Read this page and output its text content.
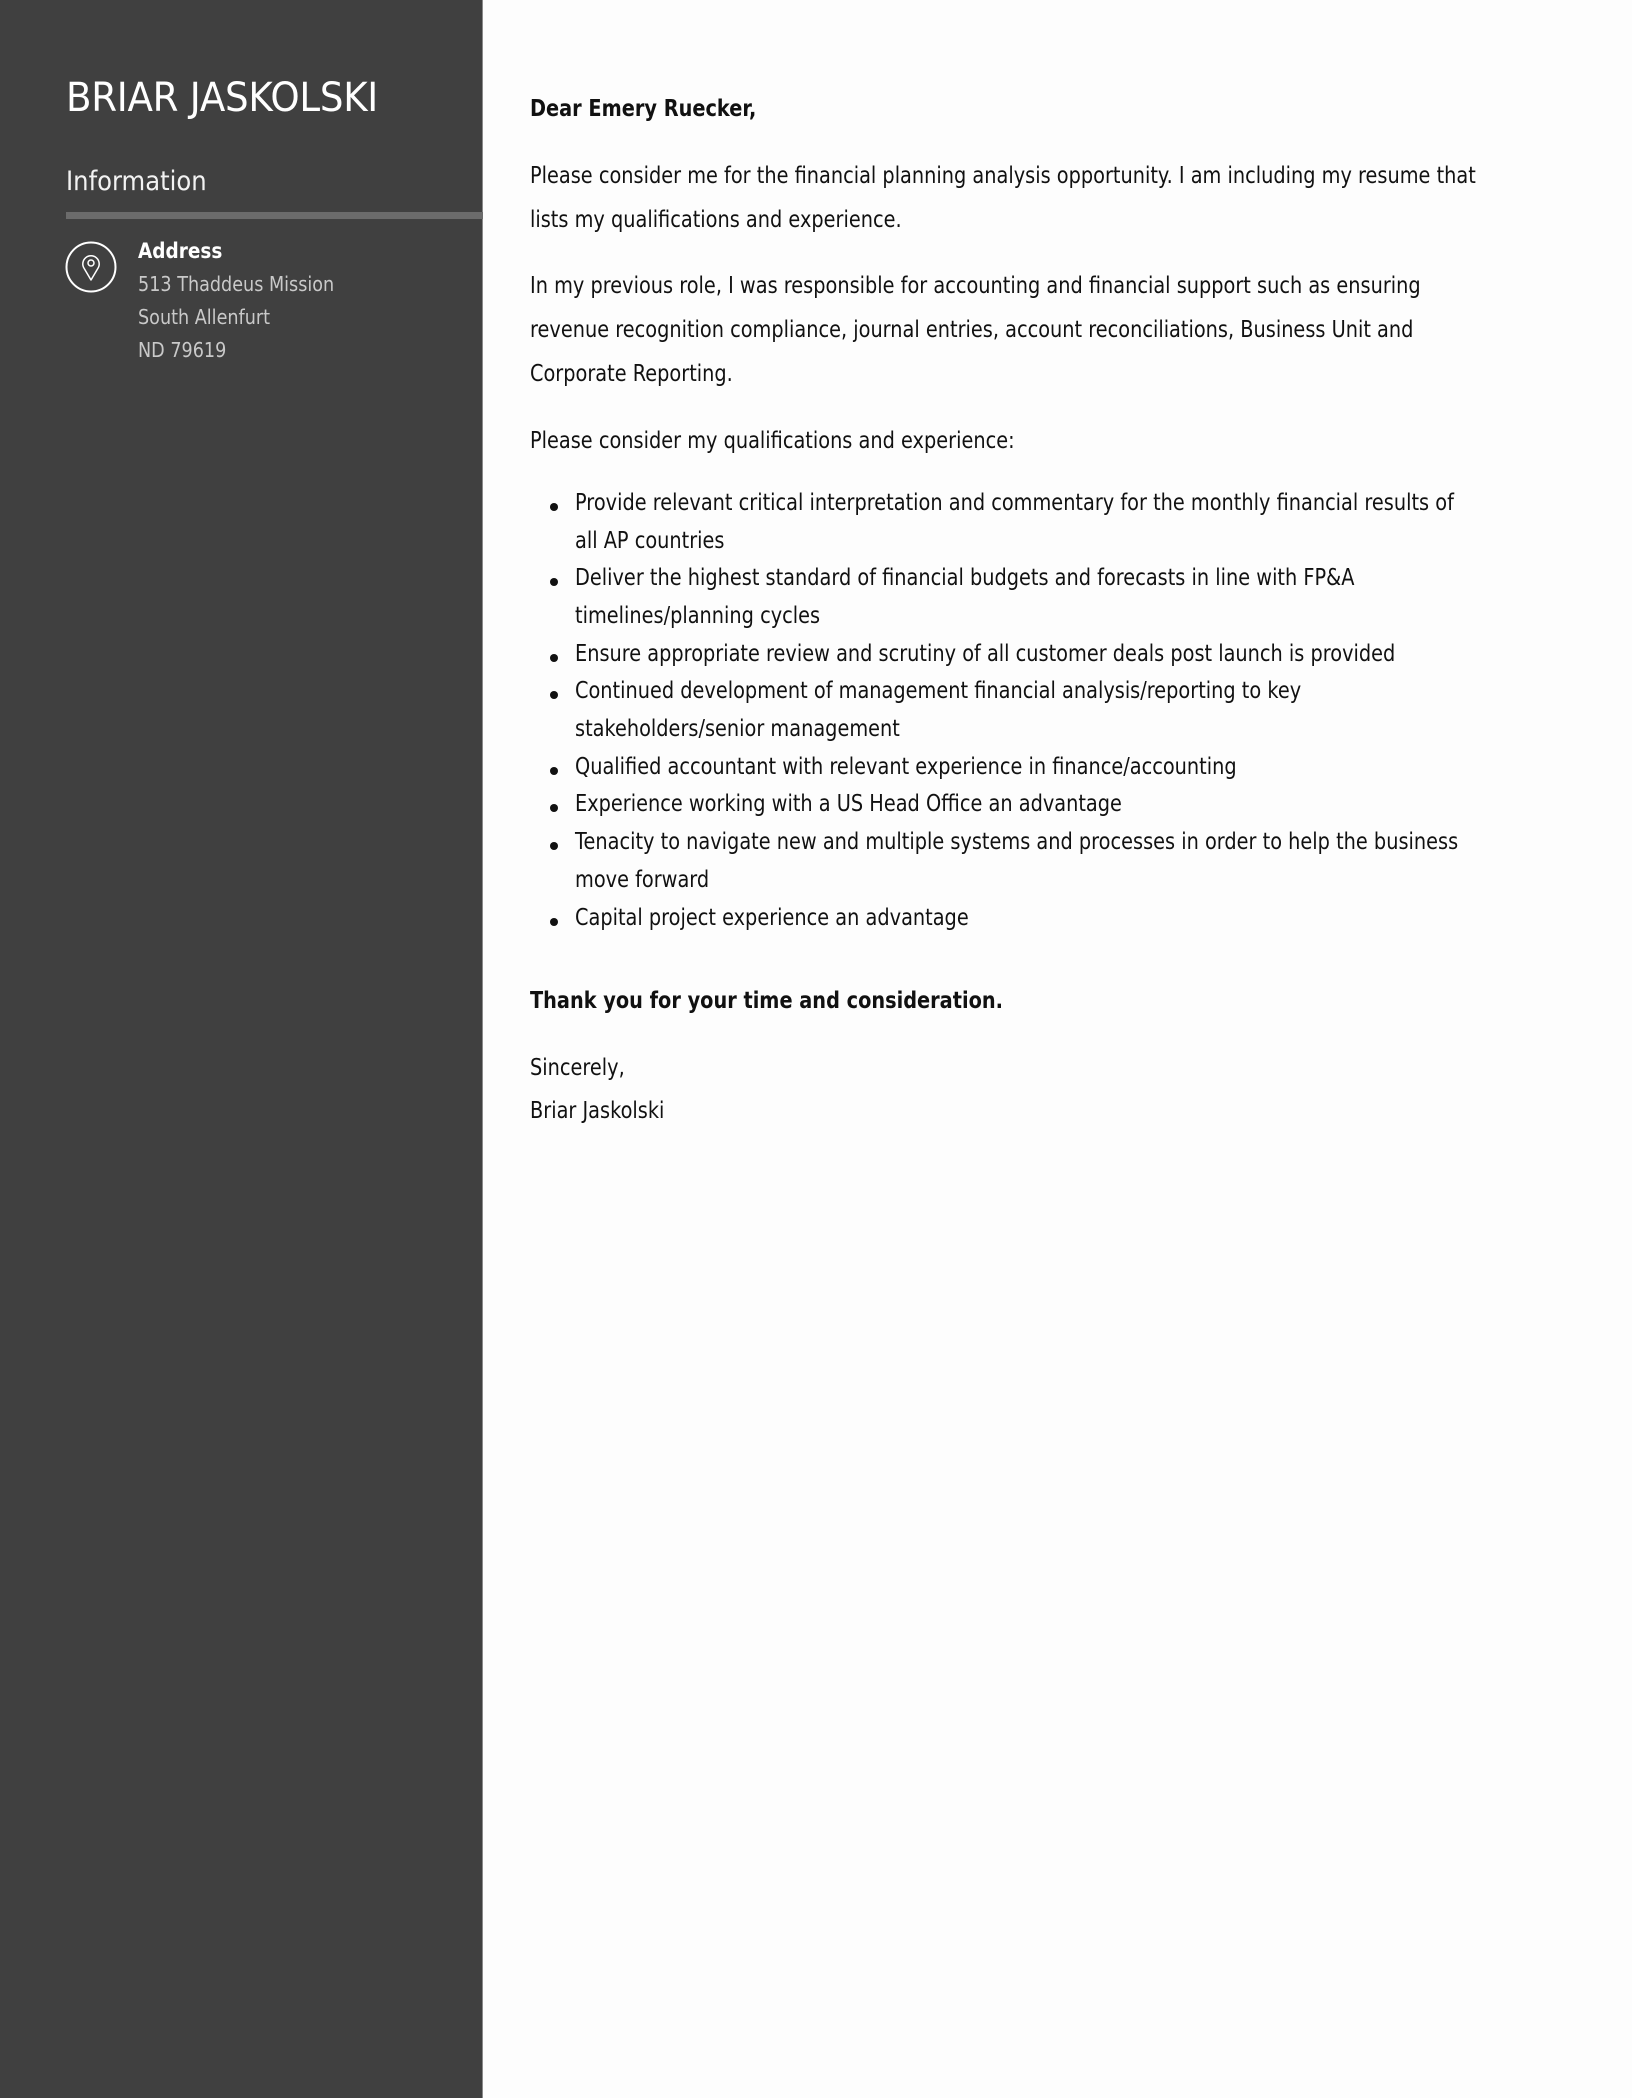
BRIAR JASKOLSKI
Information
Address
513 Thaddeus Mission
South Allenfurt
ND 79619
Dear Emery Ruecker,
Please consider me for the financial planning analysis opportunity. I am including my resume that
lists my qualifications and experience.
In my previous role, I was responsible for accounting and financial support such as ensuring
revenue recognition compliance, journal entries, account reconciliations, Business Unit and
Corporate Reporting.
Please consider my qualifications and experience:
Provide relevant critical interpretation and commentary for the monthly financial results of
all AP countries
Deliver the highest standard of financial budgets and forecasts in line with FP&A
timelines/planning cycles
Ensure appropriate review and scrutiny of all customer deals post launch is provided
Continued development of management financial analysis/reporting to key
stakeholders/senior management
Qualified accountant with relevant experience in finance/accounting
Experience working with a US Head Office an advantage
Tenacity to navigate new and multiple systems and processes in order to help the business
move forward
Capital project experience an advantage
Thank you for your time and consideration.
Sincerely,
Briar Jaskolski
